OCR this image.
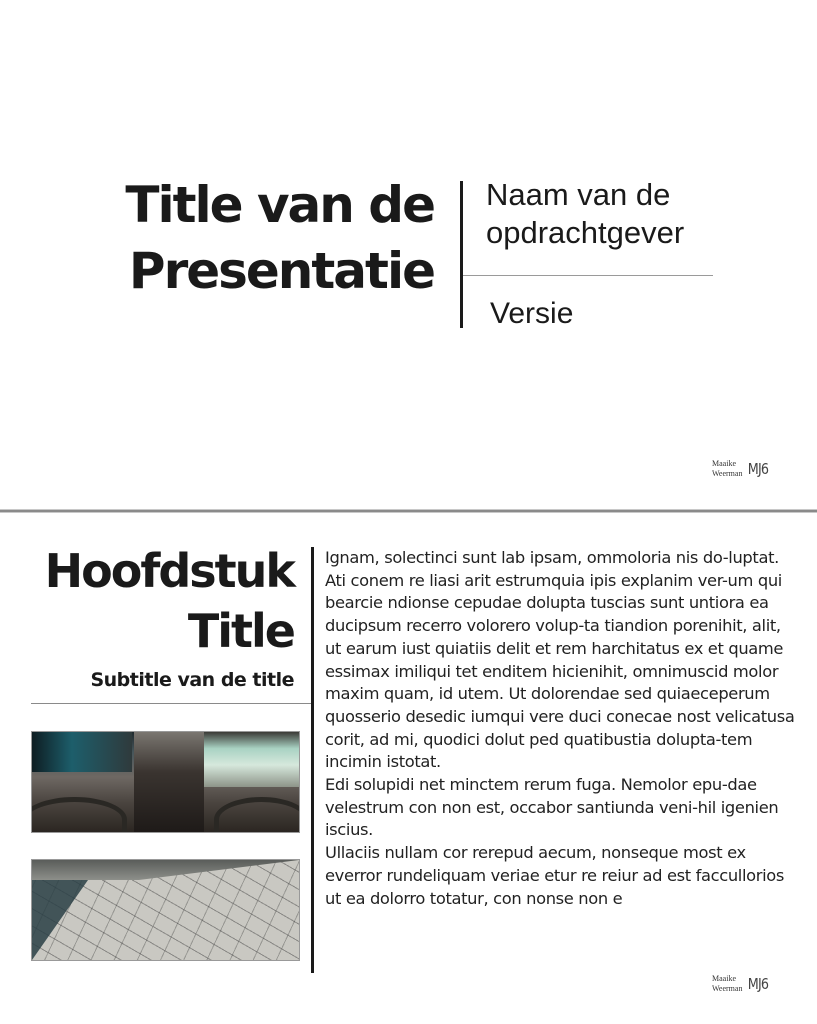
Title van de
Presentatie
Naam van de
opdrachtgever
Versie
Maaike
Weerman MJ6
Hoofdstuk
Title
Subtitle van de title

Ignam, solectinci sunt lab ipsam, ommoloria nis do-luptat.

Ati conem re liasi arit estrumquia ipis explanim ver-um qui bearcie ndionse cepudae dolupta tuscias sunt untiora ea ducipsum recerro volorero volup-ta tiandion porenihit, alit, ut earum iust quiatiis delit et rem harchitatus ex et quame essimax imiliqui tet enditem hicienihit, omnimuscid molor maxim quam, id utem. Ut dolorendae sed quiaeceperum quosserio desedic iumqui vere duci conecae nost velicatusa corit, ad mi, quodici dolut ped quatibustia dolupta-tem incimin istotat.

Edi solupidi net minctem rerum fuga. Nemolor epu-dae velestrum con non est, occabor santiunda veni-hil igenien iscius.

Ullaciis nullam cor rerepud aecum, nonseque most ex everror rundeliquam veriae etur re reiur ad est faccullorios ut ea dolorro totatur, con nonse non e

Maaike
Weerman MJ6
